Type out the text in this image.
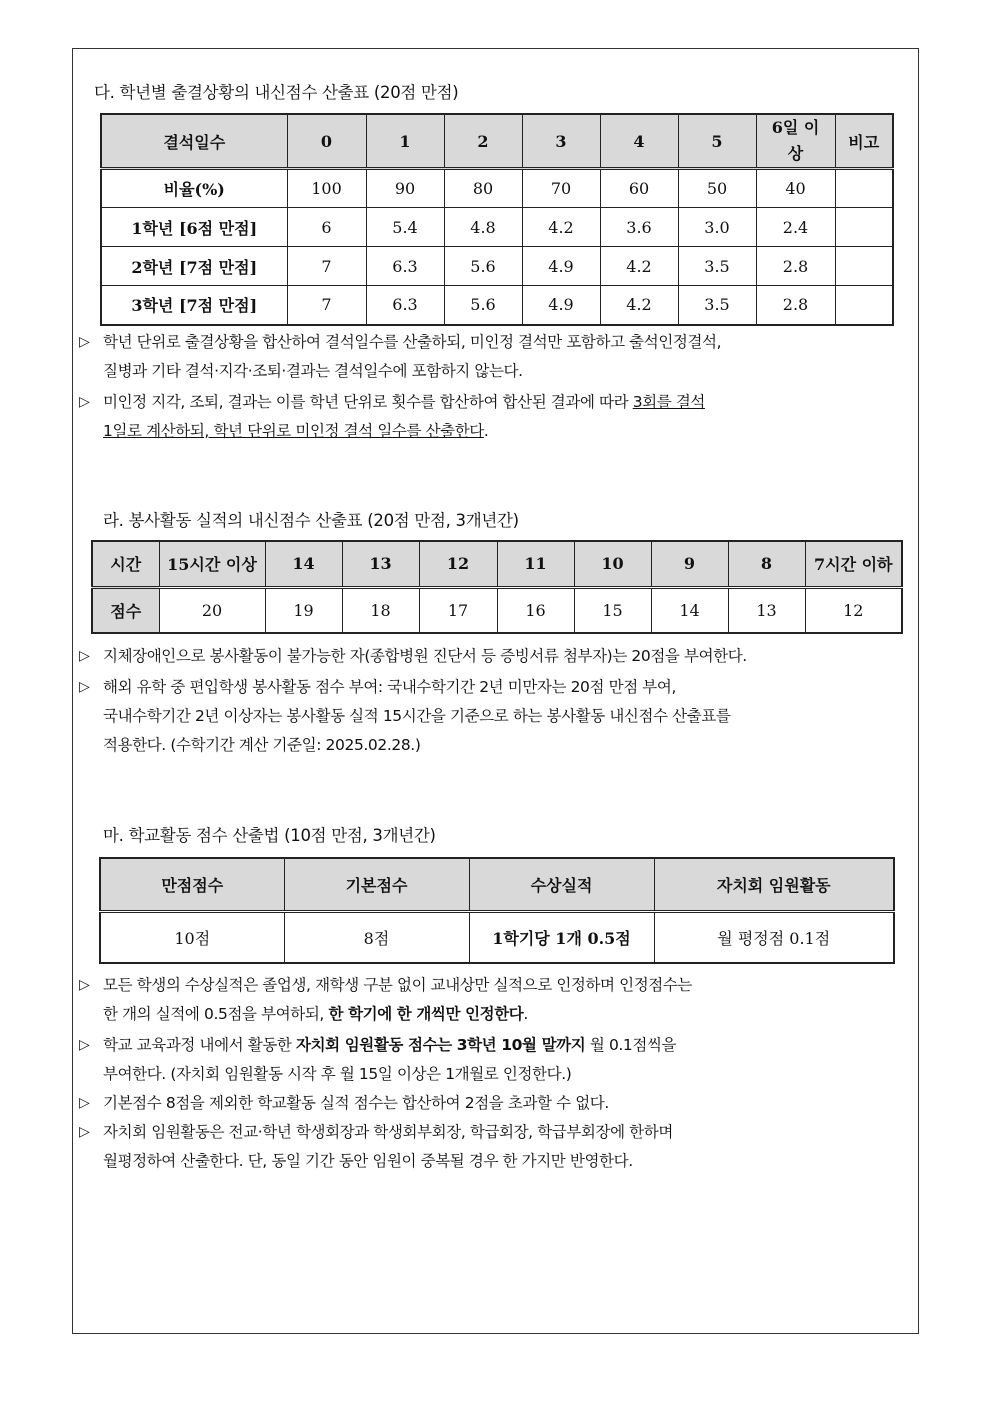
다. 학년별 출결상황의 내신점수 산출표 (20점 만점)
결석일수	0	1	2	3	4	5	6일 이상	비고
비율(%)	100	90	80	70	60	50	40	
1학년 [6점 만점]	6	5.4	4.8	4.2	3.6	3.0	2.4	
2학년 [7점 만점]	7	6.3	5.6	4.9	4.2	3.5	2.8	
3학년 [7점 만점]	7	6.3	5.6	4.9	4.2	3.5	2.8	
▷ 학년 단위로 출결상황을 합산하여 결석일수를 산출하되, 미인정 결석만 포함하고 출석인정결석,
질병과 기타 결석·지각·조퇴·결과는 결석일수에 포함하지 않는다.
▷ 미인정 지각, 조퇴, 결과는 이를 학년 단위로 횟수를 합산하여 합산된 결과에 따라 3회를 결석
1일로 계산하되, 학년 단위로 미인정 결석 일수를 산출한다.
라. 봉사활동 실적의 내신점수 산출표 (20점 만점, 3개년간)
시간	15시간 이상	14	13	12	11	10	9	8	7시간 이하
점수	20	19	18	17	16	15	14	13	12
▷ 지체장애인으로 봉사활동이 불가능한 자(종합병원 진단서 등 증빙서류 첨부자)는 20점을 부여한다.
▷ 해외 유학 중 편입학생 봉사활동 점수 부여: 국내수학기간 2년 미만자는 20점 만점 부여,
국내수학기간 2년 이상자는 봉사활동 실적 15시간을 기준으로 하는 봉사활동 내신점수 산출표를
적용한다. (수학기간 계산 기준일: 2025.02.28.)
마. 학교활동 점수 산출법 (10점 만점, 3개년간)
만점점수	기본점수	수상실적	자치회 임원활동
10점	8점	1학기당 1개 0.5점	월 평정점 0.1점
▷ 모든 학생의 수상실적은 졸업생, 재학생 구분 없이 교내상만 실적으로 인정하며 인정점수는
한 개의 실적에 0.5점을 부여하되, 한 학기에 한 개씩만 인정한다.
▷ 학교 교육과정 내에서 활동한 자치회 임원활동 점수는 3학년 10월 말까지 월 0.1점씩을
부여한다. (자치회 임원활동 시작 후 월 15일 이상은 1개월로 인정한다.)
▷ 기본점수 8점을 제외한 학교활동 실적 점수는 합산하여 2점을 초과할 수 없다.
▷ 자치회 임원활동은 전교·학년 학생회장과 학생회부회장, 학급회장, 학급부회장에 한하며
월평정하여 산출한다. 단, 동일 기간 동안 임원이 중복될 경우 한 가지만 반영한다.
